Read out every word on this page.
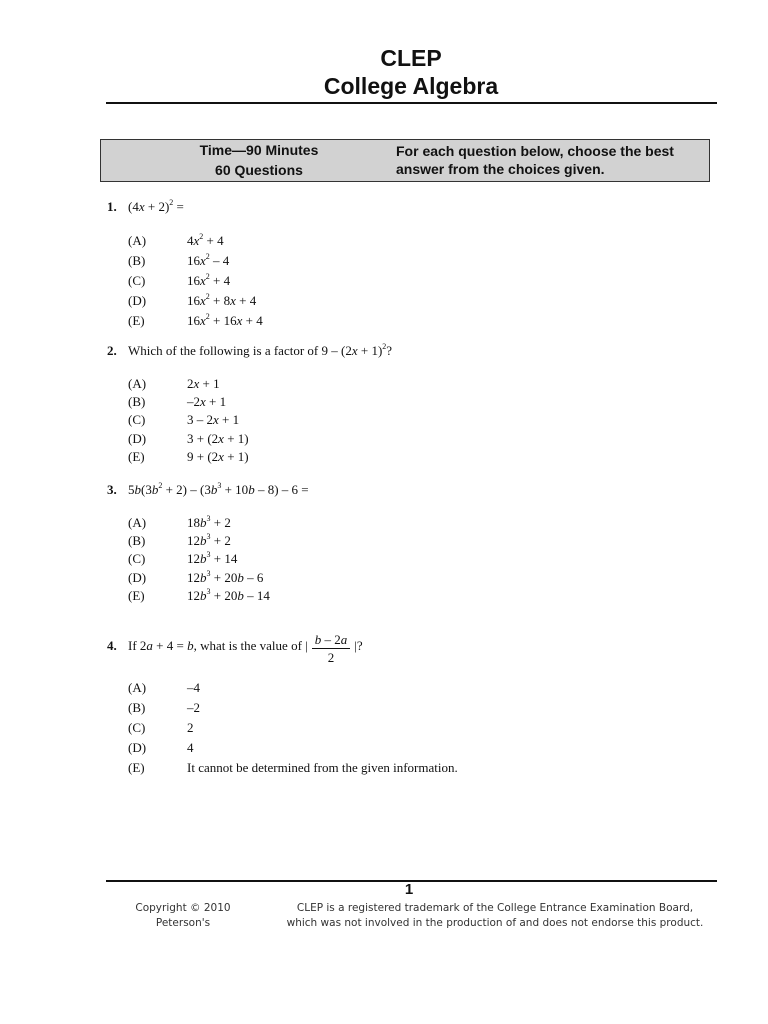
CLEP
College Algebra
Time—90 Minutes
60 Questions
For each question below, choose the best
answer from the choices given.
1. $(4x + 2)^2$ =
(A)	$4x^2 + 4$
(B)	$16x^2 - 4$
(C)	$16x^2 + 4$
(D)	$16x^2 + 8x + 4$
(E)	$16x^2 + 16x + 4$
2. Which of the following is a factor of $9 - (2x + 1)^2$?
(A)	2x + 1
(B)	–2x + 1
(C)	3 – 2x + 1
(D)	3 + (2x + 1)
(E)	9 + (2x + 1)
3. $5b(3b^2 + 2) - (3b^3 + 10b - 8) - 6$ =
(A)	$18b^3 + 2$
(B)	$12b^3 + 2$
(C)	$12b^3 + 14$
(D)	$12b^3 + 20b - 6$
(E)	$12b^3 + 20b - 14$
4. If 2a + 4 = b, what is the value of | $\frac{b - 2a}{2}$ |?
(A)	–4
(B)	–2
(C)	2
(D)	4
(E)	It cannot be determined from the given information.
1
Copyright © 2010
Peterson's
CLEP is a registered trademark of the College Entrance Examination Board,
which was not involved in the production of and does not endorse this product.
